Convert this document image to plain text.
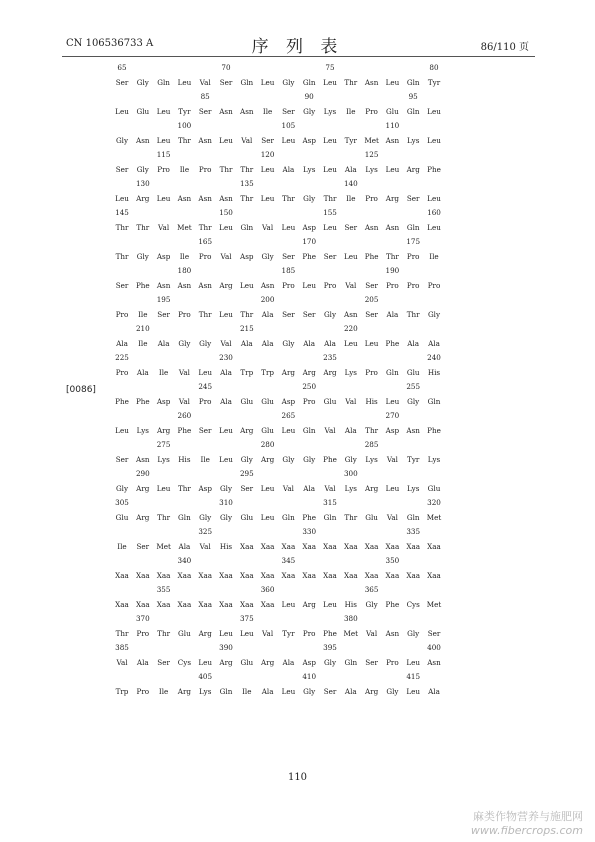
CN 106536733 A	序 列 表	86/110 页
[0086]
65	70	75	80
Ser	Gly	Gln	Leu	Val	Ser	Gln	Leu	Gly	Gln	Leu	Thr	Asn	Leu	Gln	Tyr
85	90	95
Leu	Glu	Leu	Tyr	Ser	Asn	Asn	Ile	Ser	Gly	Lys	Ile	Pro	Glu	Gln	Leu
100	105	110
Gly	Asn	Leu	Thr	Asn	Leu	Val	Ser	Leu	Asp	Leu	Tyr	Met Asn	Lys	Leu
115	120	125
Ser	Gly	Pro	Ile	Pro	Thr	Thr	Leu	Ala	Lys	Leu	Ala	Lys	Leu	Arg	Phe
130	135	140
Leu	Arg	Leu	Asn	Asn	Asn	Thr	Leu	Thr	Gly	Thr	Ile	Pro	Arg	Ser	Leu
145	150	155	160
Thr	Thr	Val	Met Thr	Leu	Gln	Val	Leu	Asp	Leu	Ser	Asn	Asn	Gln	Leu
165	170	175
Thr	Gly	Asp	Ile	Pro	Val	Asp	Gly	Ser	Phe	Ser	Leu Phe	Thr	Pro	Ile
180	185	190
Ser	Phe Asn	Asn	Asn	Arg	Leu	Asn	Pro	Leu	Pro	Val	Ser	Pro	Pro	Pro
195	200	205
Pro	Ile	Ser	Pro	Thr	Leu	Thr	Ala	Ser	Ser	Gly	Asn	Ser	Ala	Thr	Gly
210	215	220
Ala	Ile	Ala	Gly	Gly	Val	Ala	Ala	Gly	Ala	Ala	Leu Leu Phe	Ala	Ala
225	230	235	240
Pro	Ala	Ile	Val	Leu	Ala	Trp	Trp	Arg	Arg	Arg	Lys	Pro	Gln	Glu	His
245	250	255
Phe Phe Asp	Val	Pro	Ala	Glu	Glu	Asp	Pro	Glu	Val	His	Leu	Gly	Gln
260	265	270
Leu	Lys	Arg	Phe	Ser	Leu	Arg	Glu	Leu	Gln	Val	Ala	Thr	Asp	Asn	Phe
275	280	285
Ser	Asn	Lys	His	Ile	Leu	Gly	Arg	Gly	Gly	Phe	Gly	Lys	Val	Tyr	Lys
290	295	300
Gly	Arg	Leu	Thr	Asp	Gly	Ser	Leu	Val	Ala	Val	Lys	Arg	Leu	Lys	Glu
305	310	315	320
Glu	Arg	Thr	Gln	Gly	Gly	Glu	Leu	Gln	Phe	Gln	Thr	Glu	Val	Gln	Met
325	330	335
Ile	Ser	Met	Ala	Val	His	Xaa Xaa Xaa Xaa Xaa Xaa Xaa Xaa Xaa Xaa
340	345	350
Xaa Xaa Xaa Xaa Xaa Xaa Xaa Xaa Xaa Xaa Xaa Xaa Xaa Xaa Xaa Xaa
355	360	365
Xaa Xaa Xaa Xaa Xaa Xaa Xaa Xaa Leu	Arg	Leu	His	Gly	Phe	Cys Met
370	375	380
Thr	Pro	Thr	Glu	Arg	Leu Leu	Val	Tyr	Pro	Phe Met	Val	Asn	Gly	Ser
385	390	395	400
Val	Ala	Ser	Cys	Leu	Arg	Glu	Arg	Ala	Asp	Gly	Gln	Ser	Pro	Leu	Asn
405	410	415
Trp	Pro	Ile	Arg	Lys	Gln	Ile	Ala	Leu	Gly	Ser	Ala	Arg	Gly	Leu	Ala
110
麻类作物营养与施肥网
www.fibercrops.com
